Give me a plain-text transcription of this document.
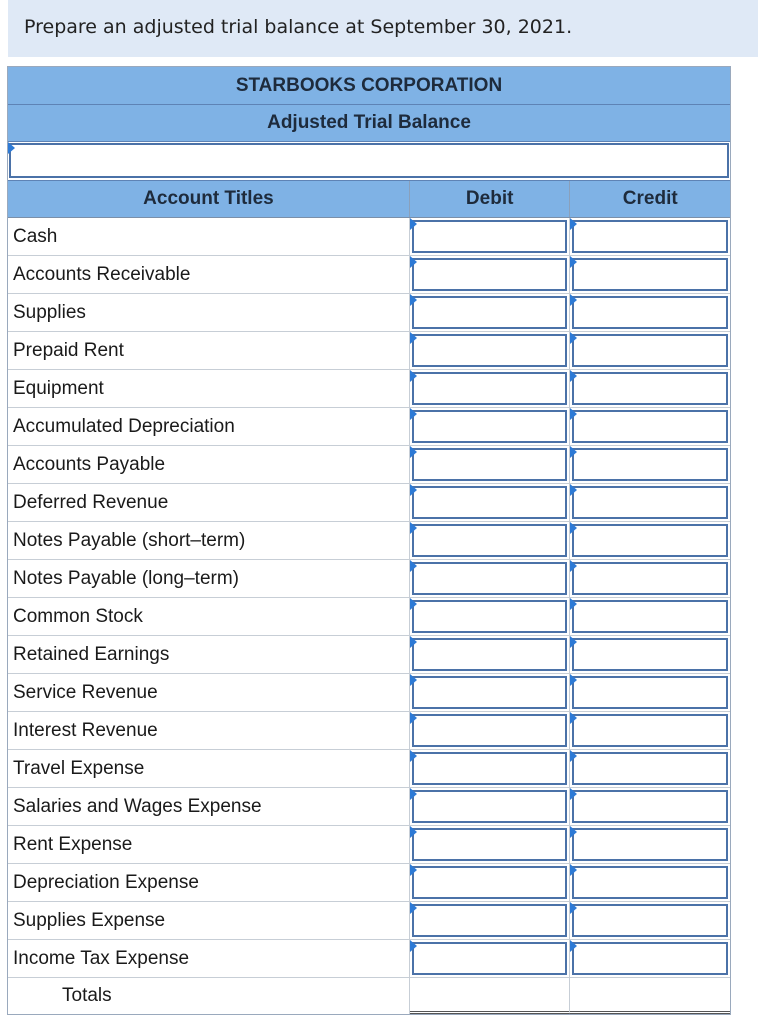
Prepare an adjusted trial balance at September 30, 2021.
STARBOOKS CORPORATION
Adjusted Trial Balance
Account Titles	Debit	Credit
Cash
Accounts Receivable
Supplies
Prepaid Rent
Equipment
Accumulated Depreciation
Accounts Payable
Deferred Revenue
Notes Payable (short–term)
Notes Payable (long–term)
Common Stock
Retained Earnings
Service Revenue
Interest Revenue
Travel Expense
Salaries and Wages Expense
Rent Expense
Depreciation Expense
Supplies Expense
Income Tax Expense
Totals
